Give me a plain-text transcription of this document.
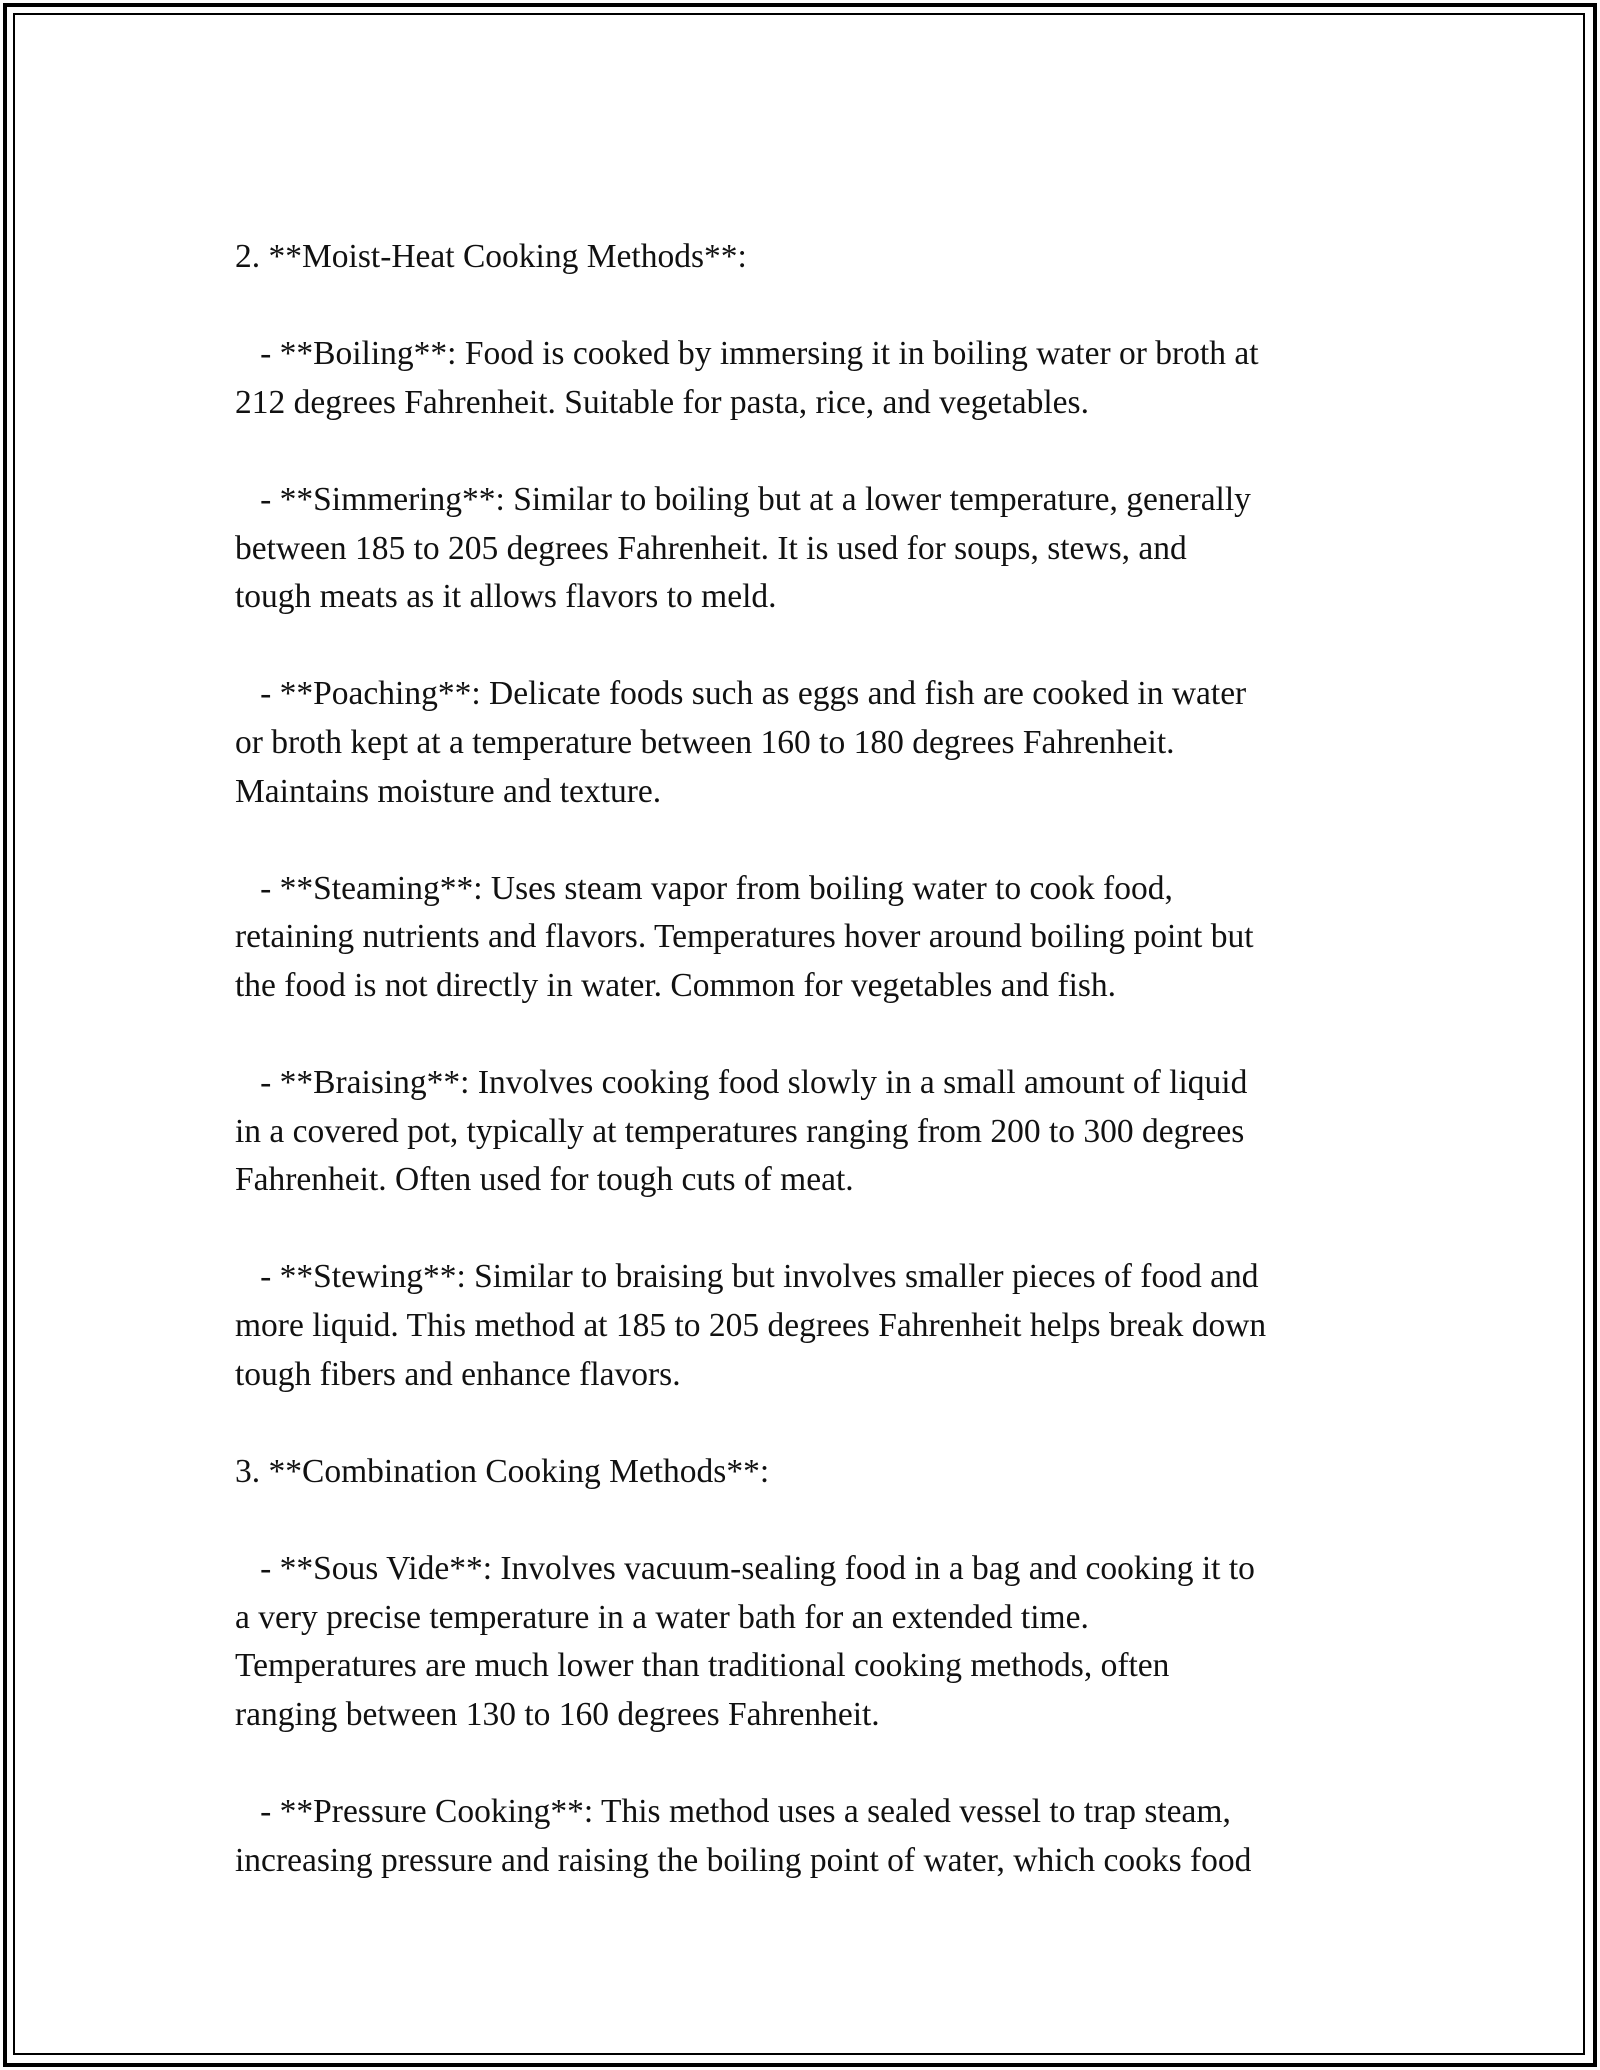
2. **Moist-Heat Cooking Methods**:

- **Boiling**: Food is cooked by immersing it in boiling water or broth at
212 degrees Fahrenheit. Suitable for pasta, rice, and vegetables.

- **Simmering**: Similar to boiling but at a lower temperature, generally
between 185 to 205 degrees Fahrenheit. It is used for soups, stews, and
tough meats as it allows flavors to meld.

- **Poaching**: Delicate foods such as eggs and fish are cooked in water
or broth kept at a temperature between 160 to 180 degrees Fahrenheit.
Maintains moisture and texture.

- **Steaming**: Uses steam vapor from boiling water to cook food,
retaining nutrients and flavors. Temperatures hover around boiling point but
the food is not directly in water. Common for vegetables and fish.

- **Braising**: Involves cooking food slowly in a small amount of liquid
in a covered pot, typically at temperatures ranging from 200 to 300 degrees
Fahrenheit. Often used for tough cuts of meat.

- **Stewing**: Similar to braising but involves smaller pieces of food and
more liquid. This method at 185 to 205 degrees Fahrenheit helps break down
tough fibers and enhance flavors.

3. **Combination Cooking Methods**:

- **Sous Vide**: Involves vacuum-sealing food in a bag and cooking it to
a very precise temperature in a water bath for an extended time.
Temperatures are much lower than traditional cooking methods, often
ranging between 130 to 160 degrees Fahrenheit.

- **Pressure Cooking**: This method uses a sealed vessel to trap steam,
increasing pressure and raising the boiling point of water, which cooks food
